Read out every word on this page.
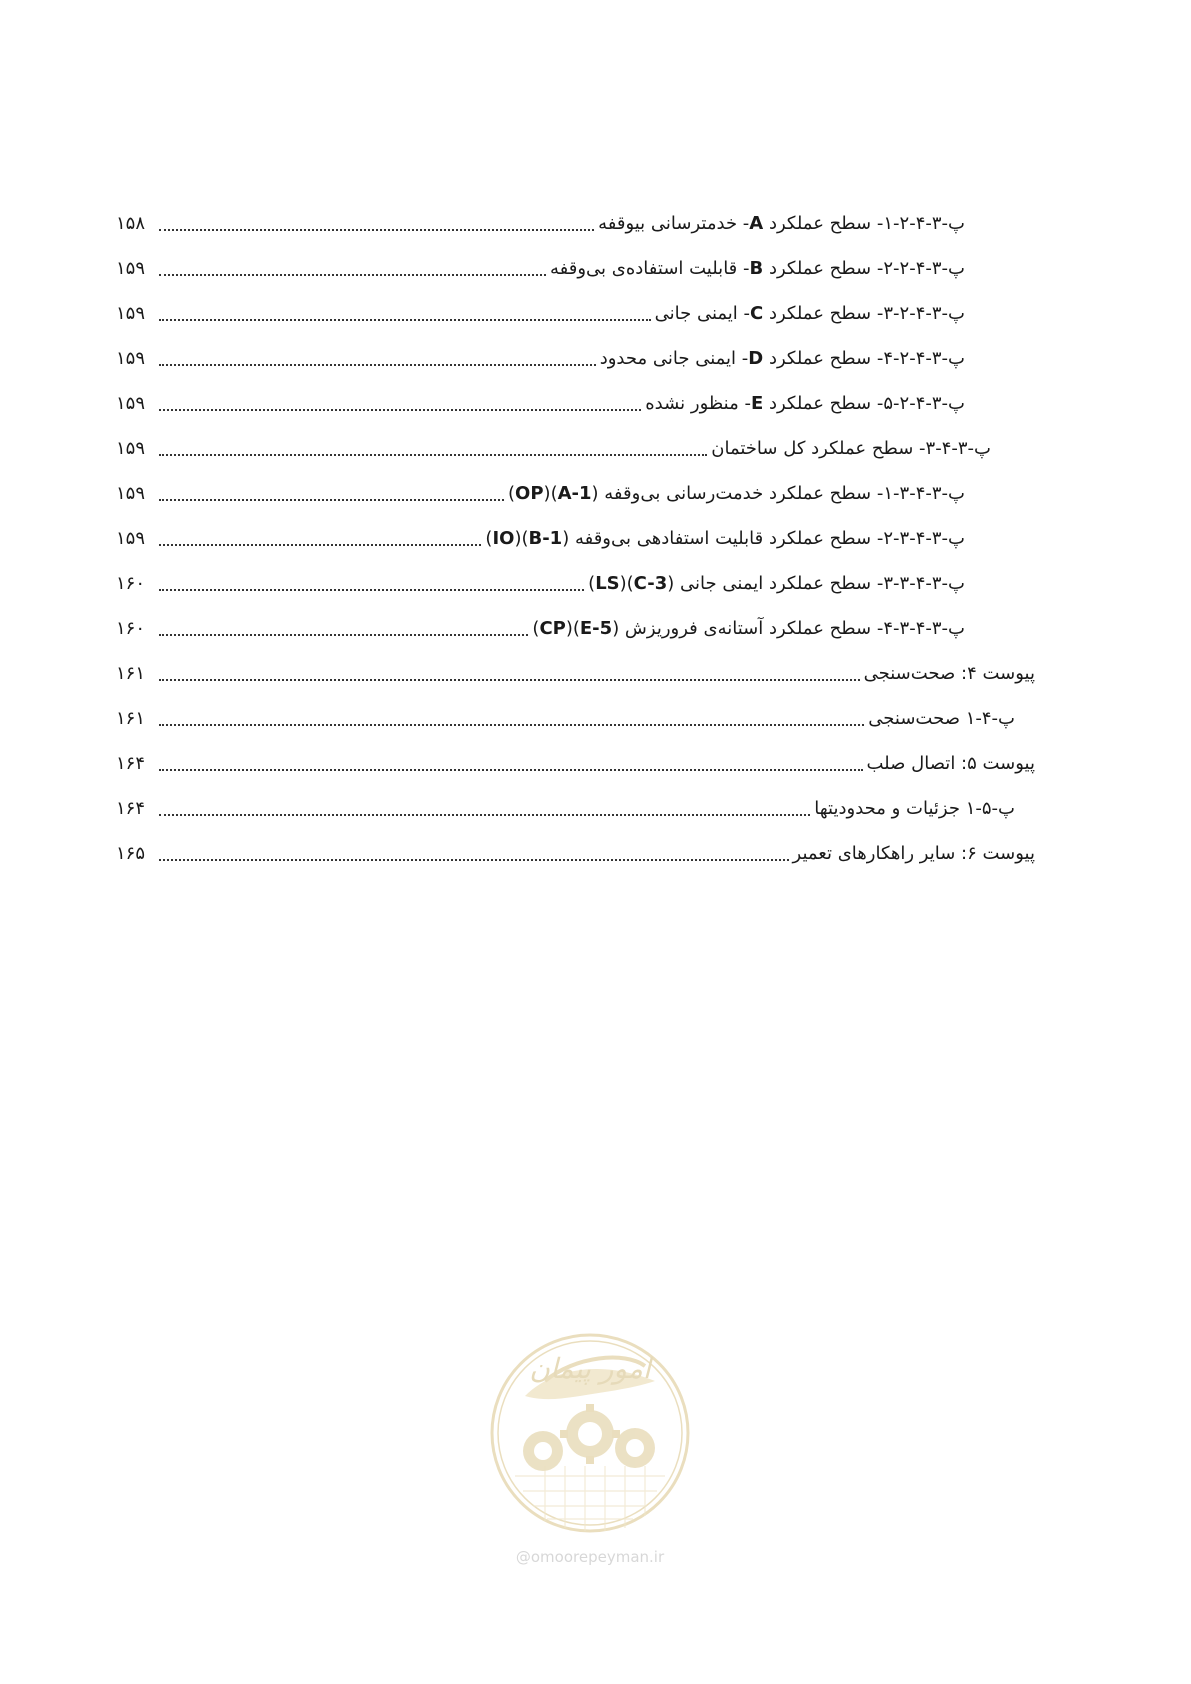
پ-۳-۴-۲-۱- سطح عملکرد A- خدمترسانی بیوقفه
۱۵۸
پ-۳-۴-۲-۲- سطح عملکرد B- قابلیت استفاده‌ی بی‌وقفه
۱۵۹
پ-۳-۴-۲-۳- سطح عملکرد C- ایمنی جانی
۱۵۹
پ-۳-۴-۲-۴- سطح عملکرد D- ایمنی جانی محدود
۱۵۹
پ-۳-۴-۲-۵- سطح عملکرد E- منظور نشده
۱۵۹
پ-۳-۴-۳- سطح عملکرد کل ساختمان
۱۵۹
پ-۳-۴-۳-۱- سطح عملکرد خدمت‌رسانی بی‌وقفه (A-1)(OP)
۱۵۹
پ-۳-۴-۳-۲- سطح عملکرد قابلیت استفادهی بی‌وقفه (B-1)(IO)
۱۵۹
پ-۳-۴-۳-۳- سطح عملکرد ایمنی جانی (C-3)(LS)
۱۶۰
پ-۳-۴-۳-۴- سطح عملکرد آستانه‌ی فروریزش (E-5)(CP)
۱۶۰
پیوست ۴: صحت‌سنجی
۱۶۱
پ-۴-۱ صحت‌سنجی
۱۶۱
پیوست ۵: اتصال صلب
۱۶۴
پ-۵-۱ جزئیات و محدودیتها
۱۶۴
پیوست ۶: سایر راهکارهای تعمیر
۱۶۵
امور پیمان
@omoorepeyman.ir
